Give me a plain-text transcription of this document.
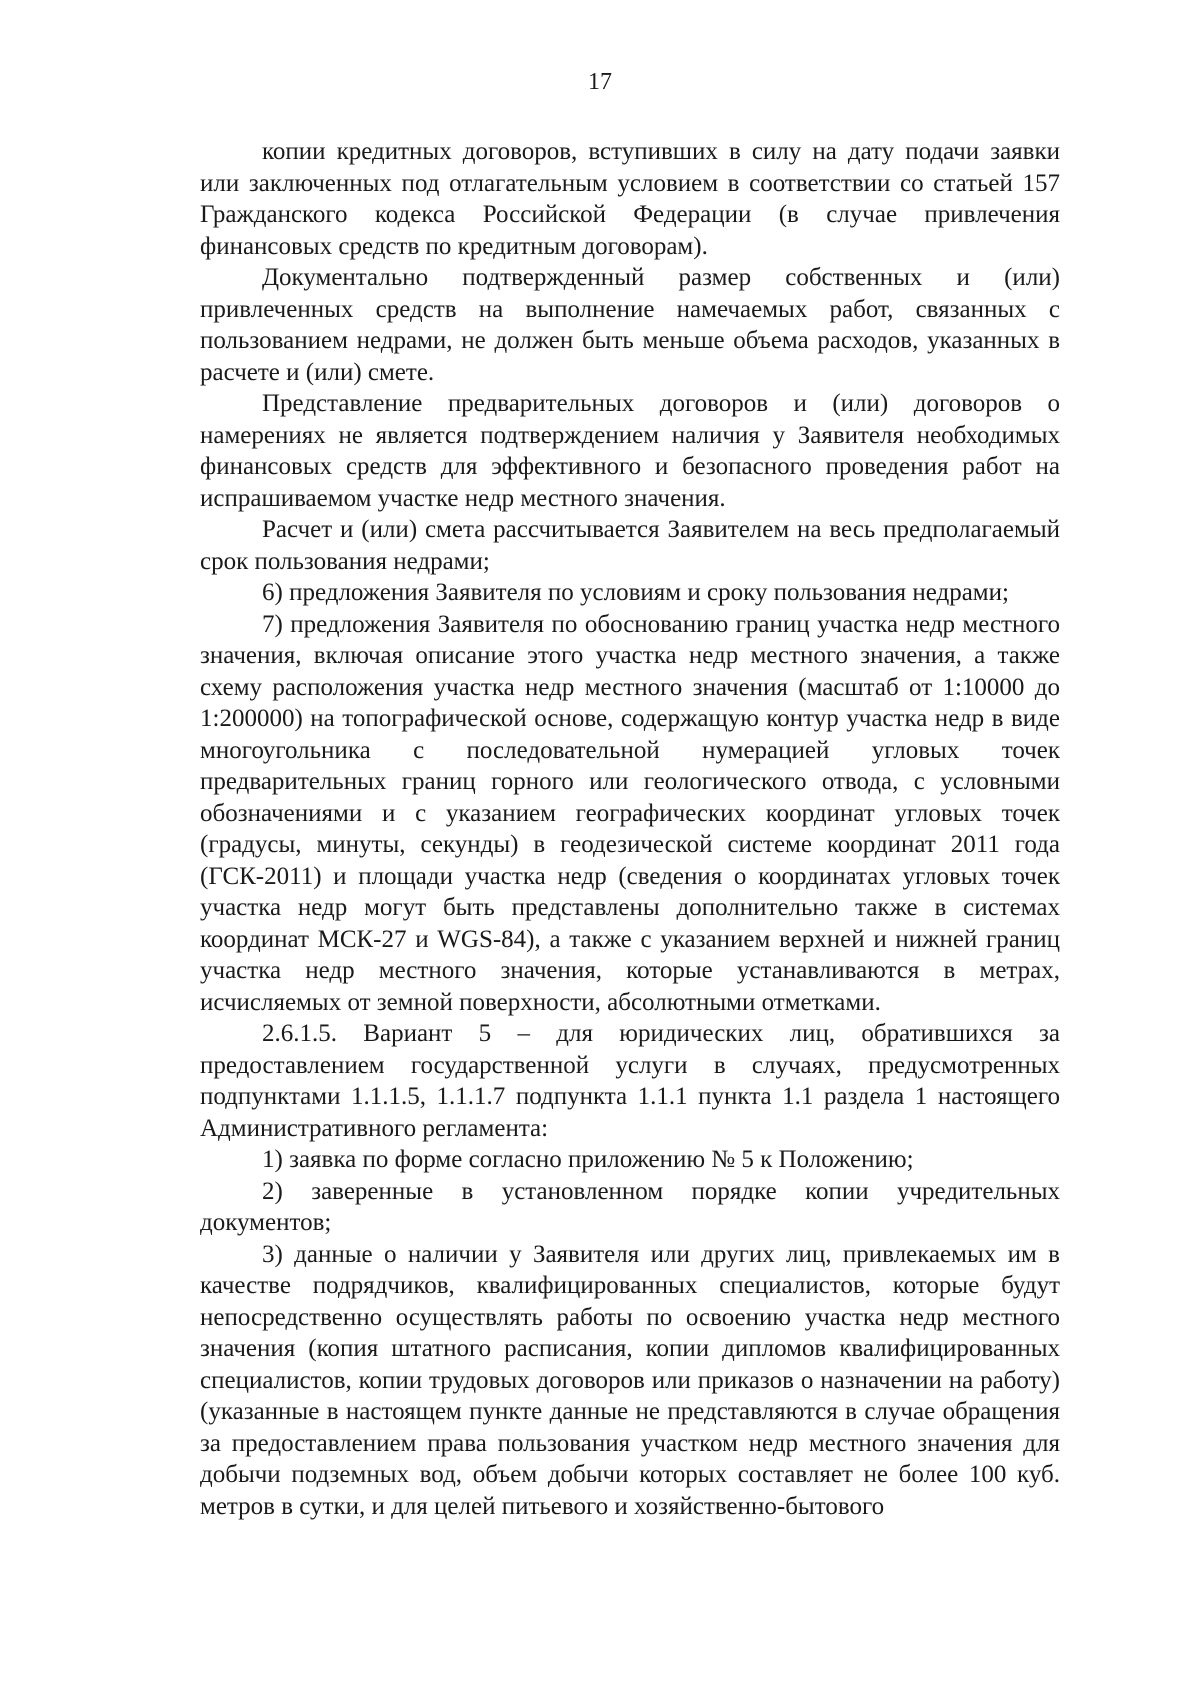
17

копии кредитных договоров, вступивших в силу на дату подачи заявки или заключенных под отлагательным условием в соответствии со статьей 157 Гражданского кодекса Российской Федерации (в случае привлечения финансовых средств по кредитным договорам).

Документально подтвержденный размер собственных и (или) привлеченных средств на выполнение намечаемых работ, связанных с пользованием недрами, не должен быть меньше объема расходов, указанных в расчете и (или) смете.

Представление предварительных договоров и (или) договоров о намерениях не является подтверждением наличия у Заявителя необходимых финансовых средств для эффективного и безопасного проведения работ на испрашиваемом участке недр местного значения.

Расчет и (или) смета рассчитывается Заявителем на весь предполагаемый срок пользования недрами;

6) предложения Заявителя по условиям и сроку пользования недрами;

7) предложения Заявителя по обоснованию границ участка недр местного значения, включая описание этого участка недр местного значения, а также схему расположения участка недр местного значения (масштаб от 1:10000 до 1:200000) на топографической основе, содержащую контур участка недр в виде многоугольника с последовательной нумерацией угловых точек предварительных границ горного или геологического отвода, с условными обозначениями и с указанием географических координат угловых точек (градусы, минуты, секунды) в геодезической системе координат 2011 года (ГСК-2011) и площади участка недр (сведения о координатах угловых точек участка недр могут быть представлены дополнительно также в системах координат МСК-27 и WGS-84), а также с указанием верхней и нижней границ участка недр местного значения, которые устанавливаются в метрах, исчисляемых от земной поверхности, абсолютными отметками.

2.6.1.5. Вариант 5 – для юридических лиц, обратившихся за предоставлением государственной услуги в случаях, предусмотренных подпунктами 1.1.1.5, 1.1.1.7 подпункта 1.1.1 пункта 1.1 раздела 1 настоящего Административного регламента:

1) заявка по форме согласно приложению № 5 к Положению;

2) заверенные в установленном порядке копии учредительных документов;

3) данные о наличии у Заявителя или других лиц, привлекаемых им в качестве подрядчиков, квалифицированных специалистов, которые будут непосредственно осуществлять работы по освоению участка недр местного значения (копия штатного расписания, копии дипломов квалифицированных специалистов, копии трудовых договоров или приказов о назначении на работу) (указанные в настоящем пункте данные не представляются в случае обращения за предоставлением права пользования участком недр местного значения для добычи подземных вод, объем добычи которых составляет не более 100 куб. метров в сутки, и для целей питьевого и хозяйственно-бытового
